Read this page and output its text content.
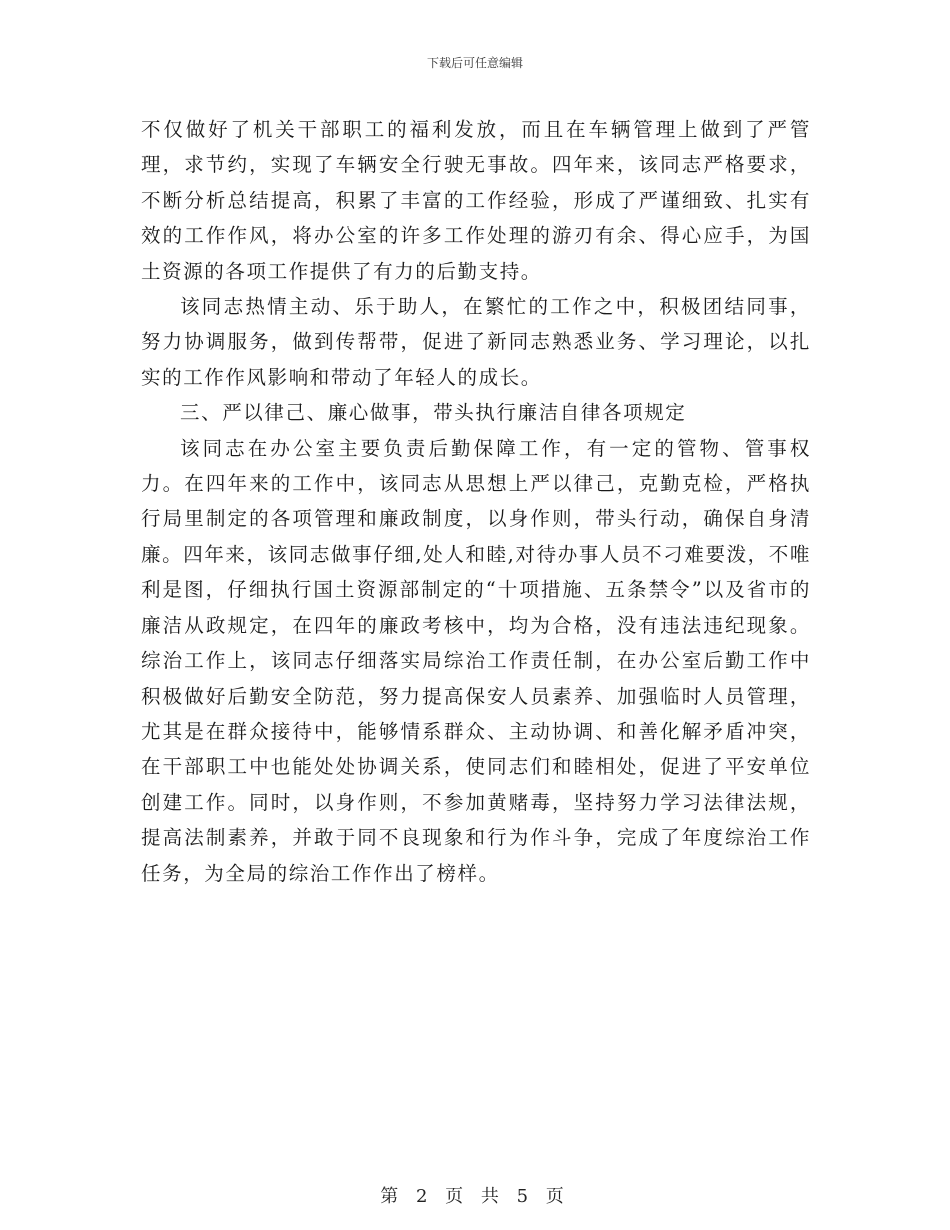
下载后可任意编辑

不仅做好了机关干部职工的福利发放，而且在车辆管理上做到了严管理，求节约，实现了车辆安全行驶无事故。四年来，该同志严格要求，不断分析总结提高，积累了丰富的工作经验，形成了严谨细致、扎实有效的工作作风，将办公室的许多工作处理的游刃有余、得心应手，为国土资源的各项工作提供了有力的后勤支持。

该同志热情主动、乐于助人，在繁忙的工作之中，积极团结同事，努力协调服务，做到传帮带，促进了新同志熟悉业务、学习理论，以扎实的工作作风影响和带动了年轻人的成长。

三、严以律己、廉心做事，带头执行廉洁自律各项规定

该同志在办公室主要负责后勤保障工作，有一定的管物、管事权力。在四年来的工作中，该同志从思想上严以律己，克勤克检，严格执行局里制定的各项管理和廉政制度，以身作则，带头行动，确保自身清廉。四年来，该同志做事仔细,处人和睦,对待办事人员不刁难要泼，不唯利是图，仔细执行国土资源部制定的“十项措施、五条禁令”以及省市的廉洁从政规定，在四年的廉政考核中，均为合格，没有违法违纪现象。综治工作上，该同志仔细落实局综治工作责任制，在办公室后勤工作中积极做好后勤安全防范，努力提高保安人员素养、加强临时人员管理，尤其是在群众接待中，能够情系群众、主动协调、和善化解矛盾冲突，在干部职工中也能处处协调关系，使同志们和睦相处，促进了平安单位创建工作。同时，以身作则，不参加黄赌毒，坚持努力学习法律法规，提高法制素养，并敢于同不良现象和行为作斗争，完成了年度综治工作任务，为全局的综治工作作出了榜样。

第 2 页 共 5 页
